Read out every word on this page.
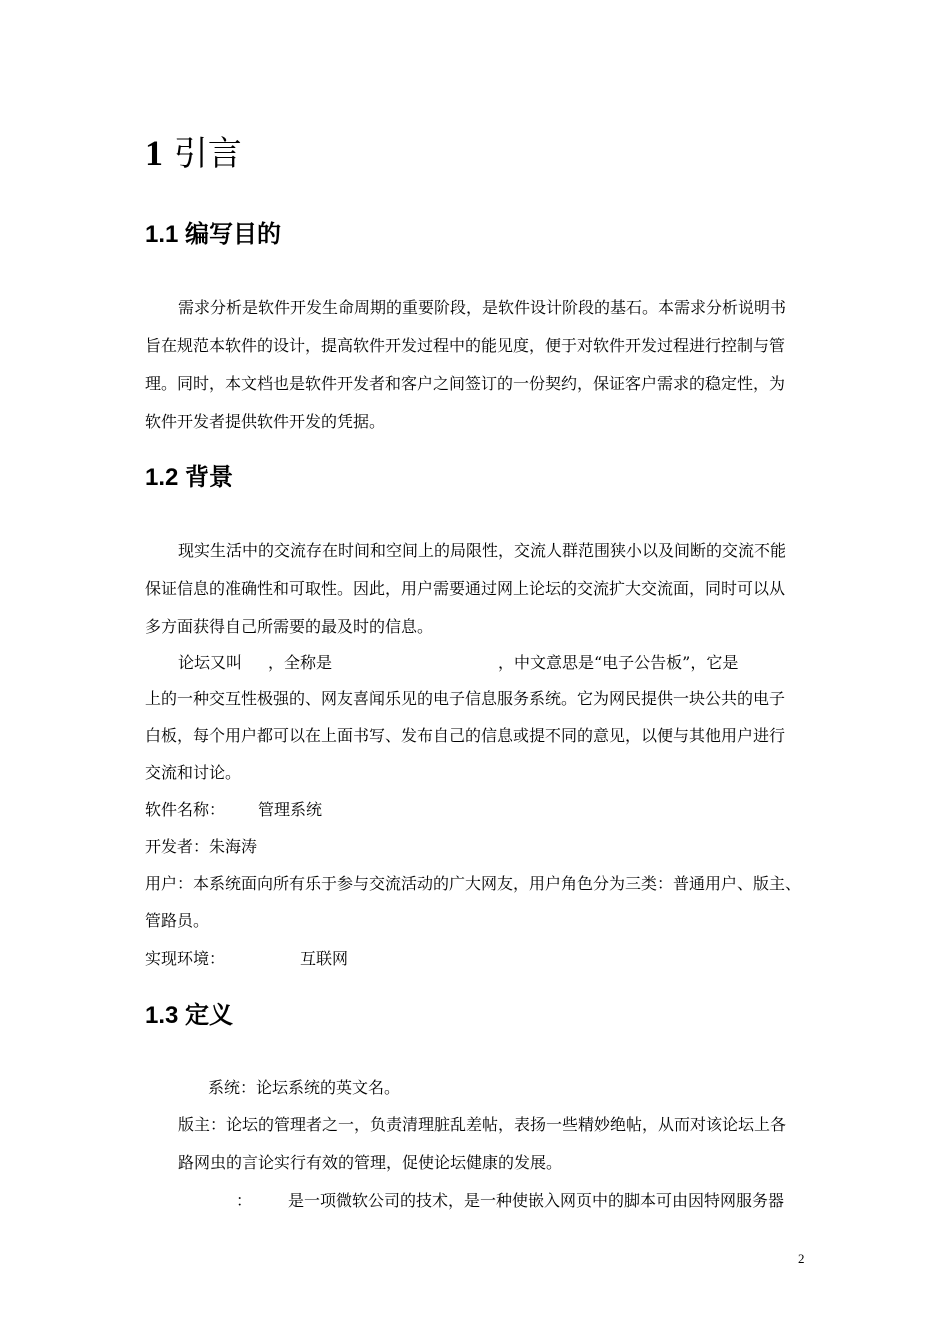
1 引言
1.1 编写目的
需求分析是软件开发生命周期的重要阶段，是软件设计阶段的基石。本需求分析说明书
旨在规范本软件的设计，提高软件开发过程中的能见度，便于对软件开发过程进行控制与管
理。同时，本文档也是软件开发者和客户之间签订的一份契约，保证客户需求的稳定性，为
软件开发者提供软件开发的凭据。
1.2 背景
现实生活中的交流存在时间和空间上的局限性，交流人群范围狭小以及间断的交流不能
保证信息的准确性和可取性。因此，用户需要通过网上论坛的交流扩大交流面，同时可以从
多方面获得自己所需要的最及时的信息。
论坛又叫 ，全称是	，中文意思是“电子公告板”，它是
上的一种交互性极强的、网友喜闻乐见的电子信息服务系统。它为网民提供一块公共的电子
白板，每个用户都可以在上面书写、发布自己的信息或提不同的意见，以便与其他用户进行
交流和讨论。
软件名称： 管理系统
开发者：朱海涛
用户：本系统面向所有乐于参与交流活动的广大网友，用户角色分为三类：普通用户、版主、
管路员。
实现环境：	互联网
1.3 定义
系统：论坛系统的英文名。
版主：论坛的管理者之一，负责清理脏乱差帖，表扬一些精妙绝帖，从而对该论坛上各
路网虫的言论实行有效的管理，促使论坛健康的发展。
： 是一项微软公司的技术，是一种使嵌入网页中的脚本可由因特网服务器
2
